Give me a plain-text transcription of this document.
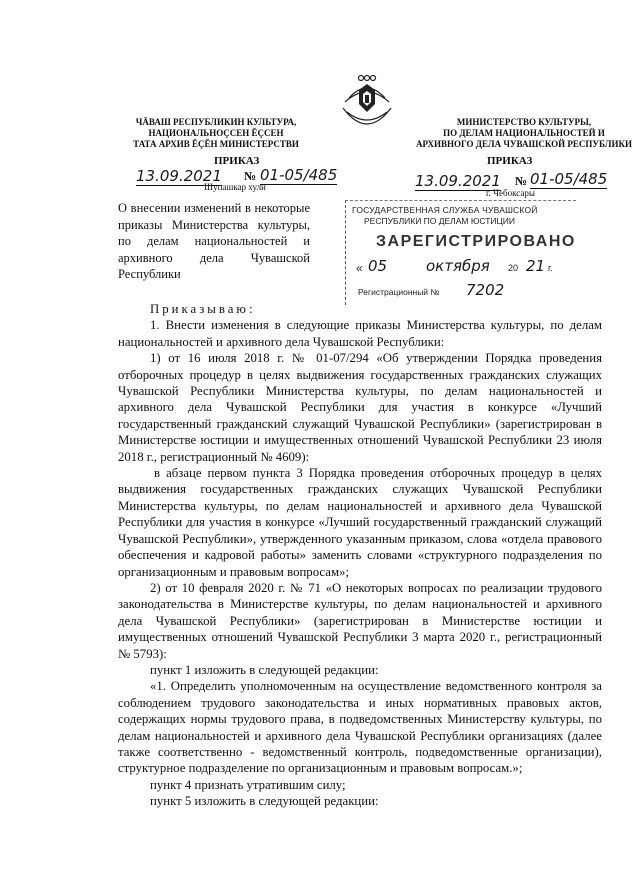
ЧĂВАШ РЕСПУБЛИКИН КУЛЬТУРА,
НАЦИОНАЛЬНОÇСЕН ĔÇСЕН
ТАТА АРХИВ ĔÇĔН МИНИСТЕРСТВИ
МИНИСТЕРСТВО КУЛЬТУРЫ,
ПО ДЕЛАМ НАЦИОНАЛЬНОСТЕЙ И
АРХИВНОГО ДЕЛА ЧУВАШСКОЙ РЕСПУБЛИКИ
ПРИКАЗ	ПРИКАЗ
13.09.2021 № 01-05/485
Шупашкар хули	13.09.2021 № 01-05/485
г. Чебоксары
О внесении изменений в некоторые приказы Министерства культуры, по делам национальностей и архивного дела Чувашской Республики
ГОСУДАРСТВЕННАЯ СЛУЖБА ЧУВАШСКОЙ
РЕСПУБЛИКИ ПО ДЕЛАМ ЮСТИЦИИ
ЗАРЕГИСТРИРОВАНО
« 05	октября 20 21 г.
Регистрационный № 7202

Приказываю:

1. Внести изменения в следующие приказы Министерства культуры, по делам национальностей и архивного дела Чувашской Республики:

1) от 16 июля 2018 г. № 01-07/294 «Об утверждении Порядка проведения отборочных процедур в целях выдвижения государственных гражданских служащих Чувашской Республики Министерства культуры, по делам национальностей и архивного дела Чувашской Республики для участия в конкурсе «Лучший государственный гражданский служащий Чувашской Республики» (зарегистрирован в Министерстве юстиции и имущественных отношений Чувашской Республики 23 июля 2018 г., регистрационный № 4609):

в абзаце первом пункта 3 Порядка проведения отборочных процедур в целях выдвижения государственных гражданских служащих Чувашской Республики Министерства культуры, по делам национальностей и архивного дела Чувашской Республики для участия в конкурсе «Лучший государственный гражданский служащий Чувашской Республики», утвержденного указанным приказом, слова «отдела правового обеспечения и кадровой работы» заменить словами «структурного подразделения по организационным и правовым вопросам»;

2) от 10 февраля 2020 г. № 71 «О некоторых вопросах по реализации трудового законодательства в Министерстве культуры, по делам национальностей и архивного дела Чувашской Республики» (зарегистрирован в Министерстве юстиции и имущественных отношений Чувашской Республики 3 марта 2020 г., регистрационный № 5793):

пункт 1 изложить в следующей редакции:

«1. Определить уполномоченным на осуществление ведомственного контроля за соблюдением трудового законодательства и иных нормативных правовых актов, содержащих нормы трудового права, в подведомственных Министерству культуры, по делам национальностей и архивного дела Чувашской Республики организациях (далее также соответственно - ведомственный контроль, подведомственные организации), структурное подразделение по организационным и правовым вопросам.»;

пункт 4 признать утратившим силу;

пункт 5 изложить в следующей редакции:
